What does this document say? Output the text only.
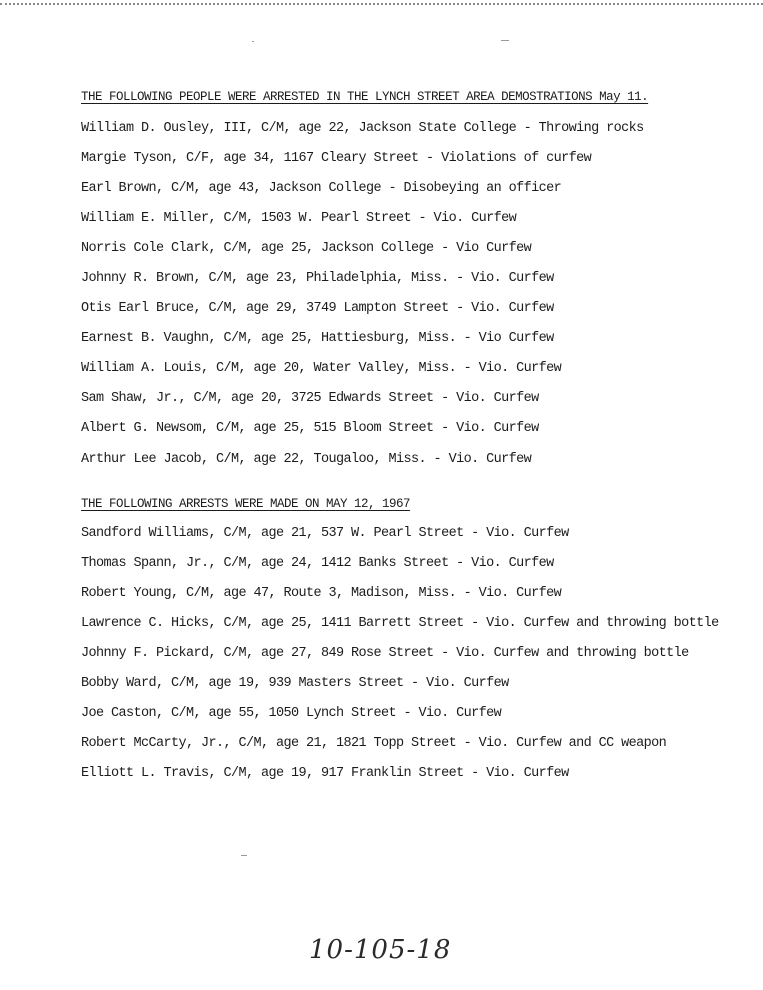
THE FOLLOWING PEOPLE WERE ARRESTED IN THE LYNCH STREET AREA DEMOSTRATIONS May 11.
William D. Ousley, III, C/M, age 22, Jackson State College - Throwing rocks
Margie Tyson, C/F, age 34, 1167 Cleary Street - Violations of curfew
Earl Brown, C/M, age 43, Jackson College - Disobeying an officer
William E. Miller, C/M, 1503 W. Pearl Street - Vio. Curfew
Norris Cole Clark, C/M, age 25, Jackson College - Vio Curfew
Johnny R. Brown, C/M, age 23, Philadelphia, Miss. - Vio. Curfew
Otis Earl Bruce, C/M, age 29, 3749 Lampton Street - Vio. Curfew
Earnest B. Vaughn, C/M, age 25, Hattiesburg, Miss. - Vio Curfew
William A. Louis, C/M, age 20, Water Valley, Miss. - Vio. Curfew
Sam Shaw, Jr., C/M, age 20, 3725 Edwards Street - Vio. Curfew
Albert G. Newsom, C/M, age 25, 515 Bloom Street - Vio. Curfew
Arthur Lee Jacob, C/M, age 22, Tougaloo, Miss. - Vio. Curfew
THE FOLLOWING ARRESTS WERE MADE ON MAY 12, 1967
Sandford Williams, C/M, age 21, 537 W. Pearl Street - Vio. Curfew
Thomas Spann, Jr., C/M, age 24, 1412 Banks Street - Vio. Curfew
Robert Young, C/M, age 47, Route 3, Madison, Miss. - Vio. Curfew
Lawrence C. Hicks, C/M, age 25, 1411 Barrett Street - Vio. Curfew and throwing bottle
Johnny F. Pickard, C/M, age 27, 849 Rose Street - Vio. Curfew and throwing bottle
Bobby Ward, C/M, age 19, 939 Masters Street - Vio. Curfew
Joe Caston, C/M, age 55, 1050 Lynch Street - Vio. Curfew
Robert McCarty, Jr., C/M, age 21, 1821 Topp Street - Vio. Curfew and CC weapon
Elliott L. Travis, C/M, age 19, 917 Franklin Street - Vio. Curfew
10-105-18
